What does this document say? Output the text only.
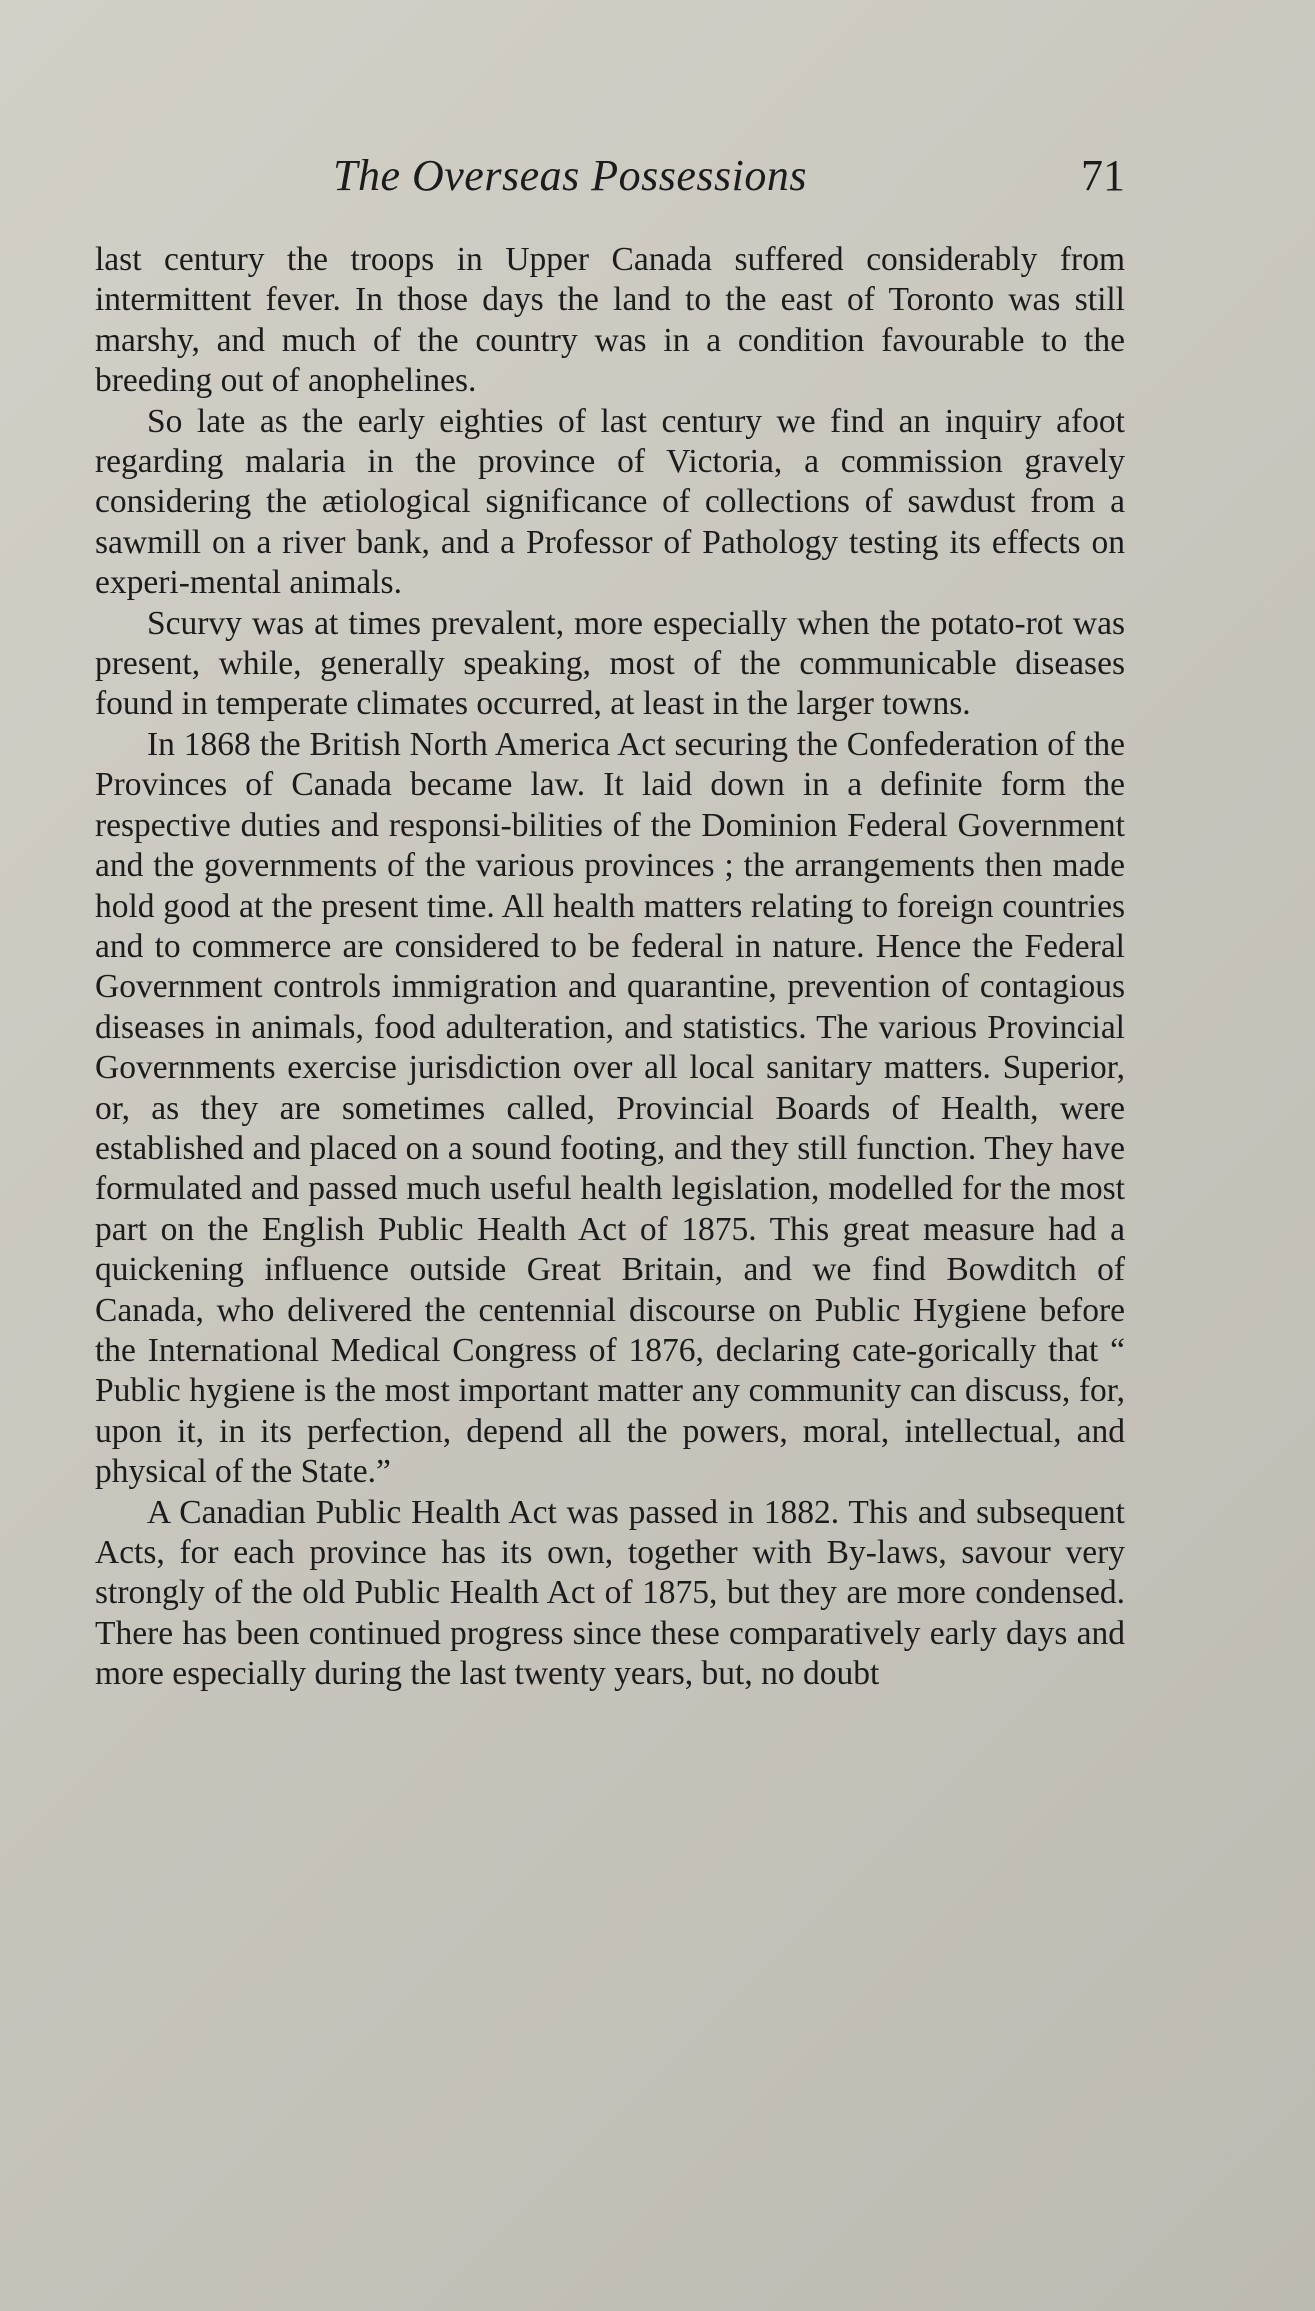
The Overseas Possessions	71

last century the troops in Upper Canada suffered considerably from intermittent fever. In those days the land to the east of Toronto was still marshy, and much of the country was in a condition favourable to the breeding out of anophelines.

So late as the early eighties of last century we find an inquiry afoot regarding malaria in the province of Victoria, a commission gravely considering the ætiological significance of collections of sawdust from a sawmill on a river bank, and a Professor of Pathology testing its effects on experi-mental animals.

Scurvy was at times prevalent, more especially when the potato-rot was present, while, generally speaking, most of the communicable diseases found in temperate climates occurred, at least in the larger towns.

In 1868 the British North America Act securing the Confederation of the Provinces of Canada became law. It laid down in a definite form the respective duties and responsi-bilities of the Dominion Federal Government and the governments of the various provinces ; the arrangements then made hold good at the present time. All health matters relating to foreign countries and to commerce are considered to be federal in nature. Hence the Federal Government controls immigration and quarantine, prevention of contagious diseases in animals, food adulteration, and statistics. The various Provincial Governments exercise jurisdiction over all local sanitary matters. Superior, or, as they are sometimes called, Provincial Boards of Health, were established and placed on a sound footing, and they still function. They have formulated and passed much useful health legislation, modelled for the most part on the English Public Health Act of 1875. This great measure had a quickening influence outside Great Britain, and we find Bowditch of Canada, who delivered the centennial discourse on Public Hygiene before the International Medical Congress of 1876, declaring cate-gorically that “ Public hygiene is the most important matter any community can discuss, for, upon it, in its perfection, depend all the powers, moral, intellectual, and physical of the State.”

A Canadian Public Health Act was passed in 1882. This and subsequent Acts, for each province has its own, together with By-laws, savour very strongly of the old Public Health Act of 1875, but they are more condensed. There has been continued progress since these comparatively early days and more especially during the last twenty years, but, no doubt
